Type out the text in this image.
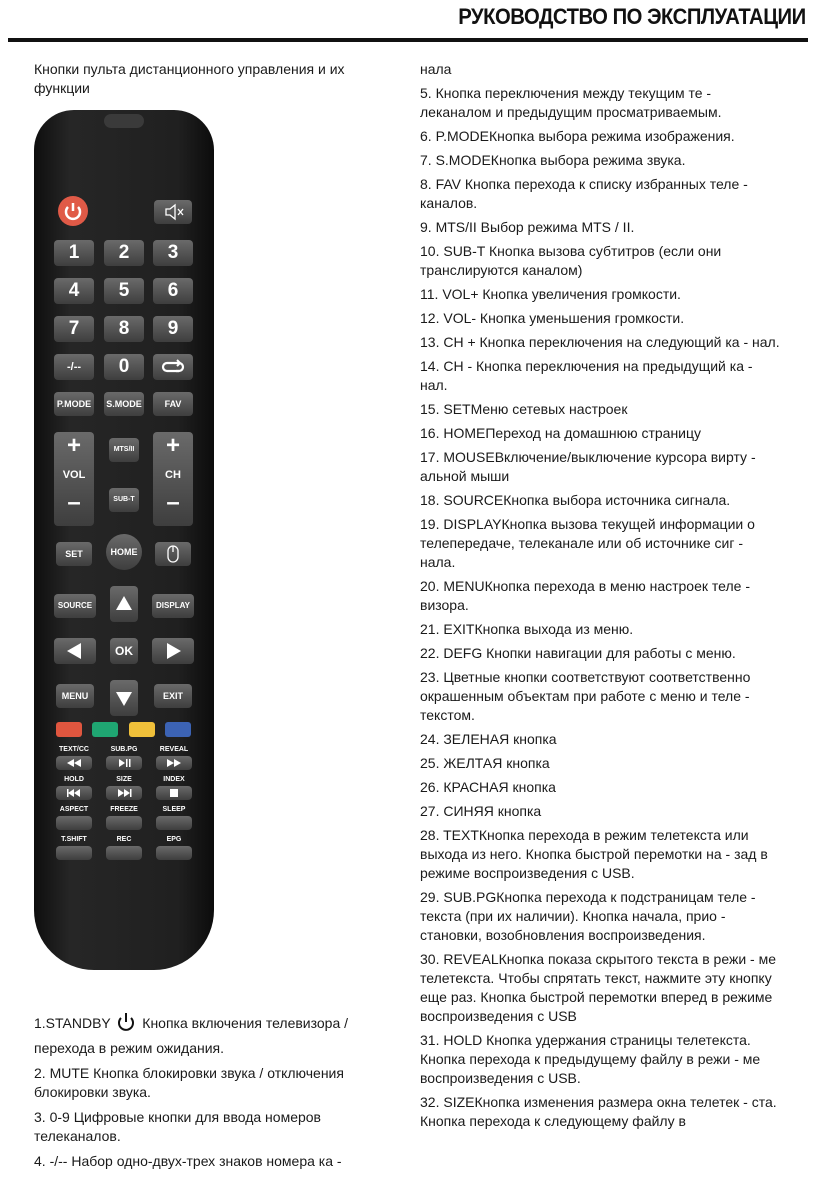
РУКОВОДСТВО ПО ЭКСПЛУАТАЦИИ
Кнопки пульта дистанционного управления и их функции
1	2	3
4	5	6
7	8	9
-/--	0
P.MODE	S.MODE	FAV
+
VOL
–
MTS/II
SUB-T
+
CH
–
SET	HOME
SOURCE	DISPLAY
OK
MENU	EXIT
TEXT/CC	SUB.PG	REVEAL
HOLD	SIZE	INDEX
ASPECT	FREEZE	SLEEP
T.SHIFT	REC	EPG

1.STANDBY  Кнопка включения телевизора / перехода в режим ожидания.

2. MUTE Кнопка блокировки звука / отключения блокировки звука.

3. 0-9 Цифровые кнопки для ввода номеров телеканалов.

4. -/-- Набор одно-двух-трех знаков номера ка -

нала

5. Кнопка переключения между текущим те - леканалом и предыдущим просматриваемым.

6. P.MODEКнопка выбора режима изображения.

7. S.MODEКнопка выбора режима звука.

8. FAV Кнопка перехода к списку избранных теле - каналов.

9. MTS/II Выбор режима MTS / II.

10. SUB-T Кнопка вызова субтитров (если они транслируются каналом)

11. VOL+ Кнопка увеличения громкости.

12. VOL- Кнопка уменьшения громкости.

13. CH + Кнопка переключения на следующий ка - нал.

14. CH - Кнопка переключения на предыдущий ка - нал.

15. SETМеню сетевых настроек

16. HOMEПереход на домашнюю страницу

17. MOUSEВключение/выключение курсора вирту - альной мыши

18. SOURCEКнопка выбора источника сигнала.

19. DISPLAYКнопка вызова текущей информации о телепередаче, телеканале или об источнике сиг - нала.

20. MENUКнопка перехода в меню настроек теле - визора.

21. EXITКнопка выхода из меню.

22. DEFG Кнопки навигации для работы с меню.

23. Цветные кнопки соответствуют соответственно окрашенным объектам при работе с меню и теле - текстом.

24. ЗЕЛЕНАЯ кнопка

25. ЖЕЛТАЯ кнопка

26. КРАСНАЯ кнопка

27. СИНЯЯ кнопка

28. TEXTКнопка перехода в режим телетекста или выхода из него. Кнопка быстрой перемотки на - зад в режиме воспроизведения с USB.

29. SUB.PGКнопка перехода к подстраницам теле - текста (при их наличии). Кнопка начала, прио - становки, возобновления воспроизведения.

30. REVEALКнопка показа скрытого текста в режи - ме телетекста. Чтобы спрятать текст, нажмите эту кнопку еще раз. Кнопка быстрой перемотки вперед в режиме воспроизведения с USB

31. HOLD Кнопка удержания страницы телетекста. Кнопка перехода к предыдущему файлу в режи - ме воспроизведения с USB.

32. SIZEКнопка изменения размера окна телетек - ста. Кнопка перехода к следующему файлу в
